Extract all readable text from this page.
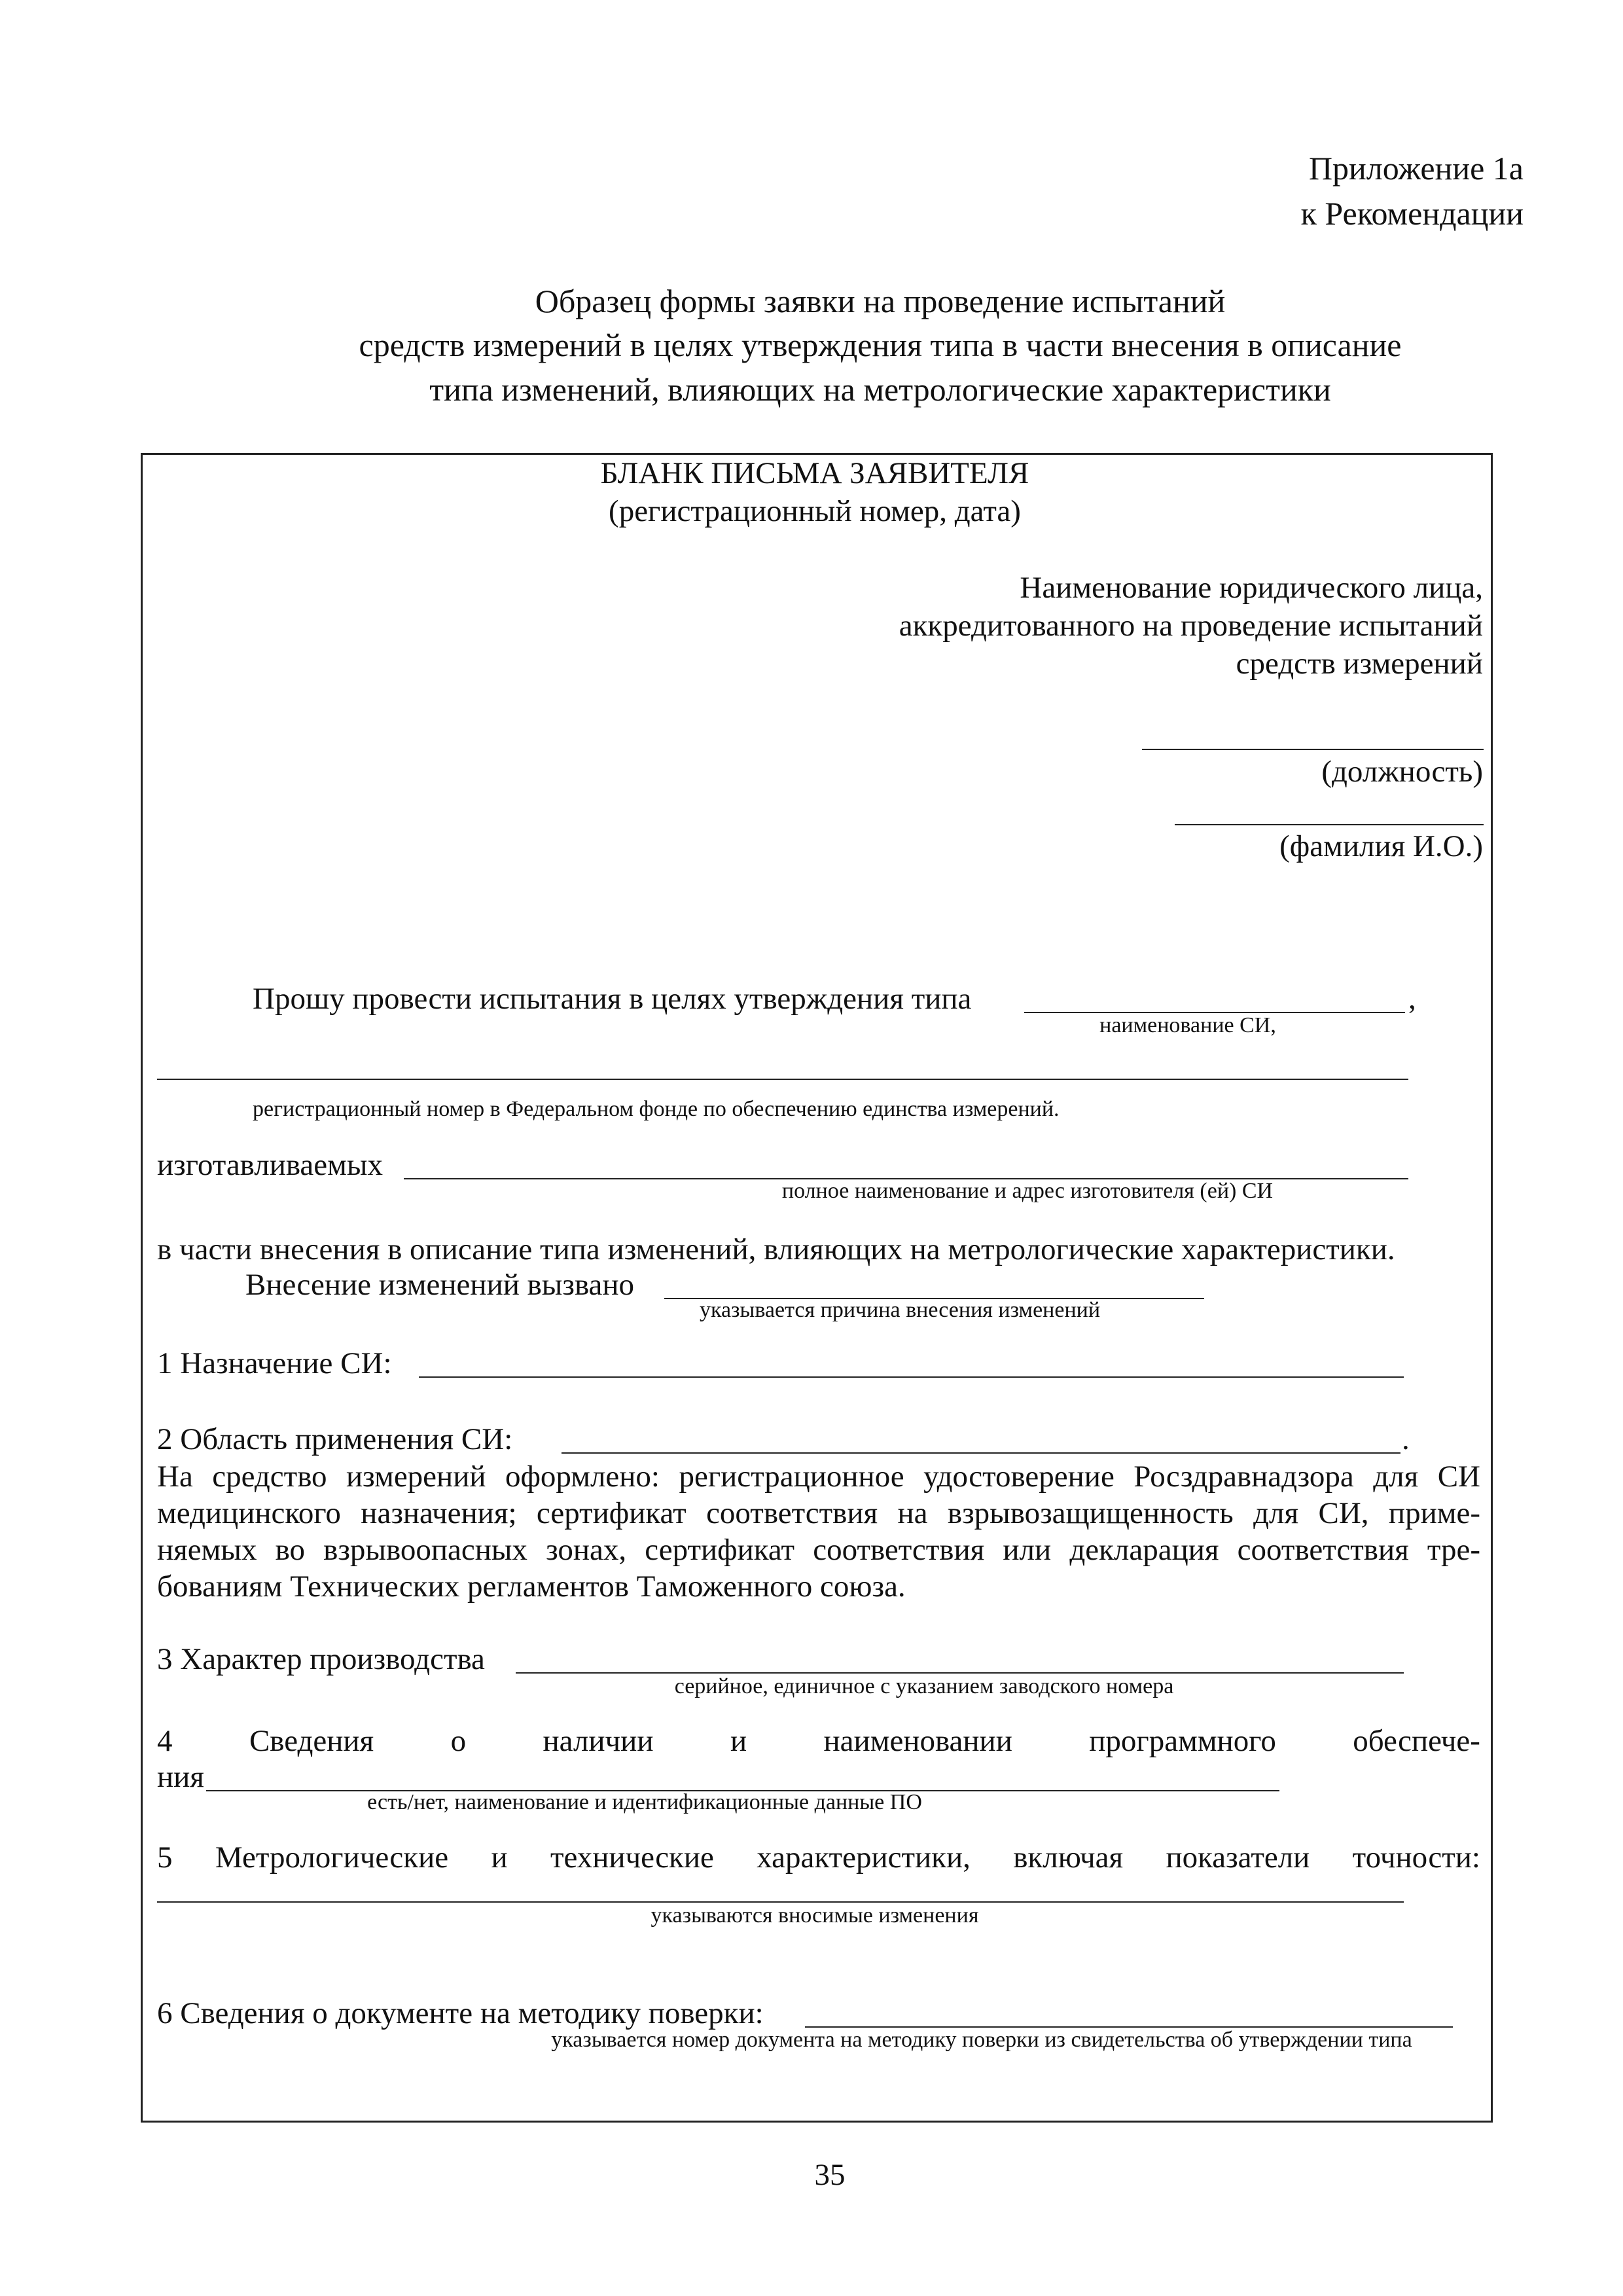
Приложение 1а
к Рекомендации
Образец формы заявки на проведение испытаний
средств измерений в целях утверждения типа в части внесения в описание
типа изменений, влияющих на метрологические характеристики
БЛАНК ПИСЬМА ЗАЯВИТЕЛЯ
(регистрационный номер, дата)
Наименование юридического лица,
аккредитованного на проведение испытаний
средств измерений
(должность)
(фамилия И.О.)
Прошу провести испытания в целях утверждения типа	,
наименование СИ,
регистрационный номер в Федеральном фонде по обеспечению единства измерений.
изготавливаемых
полное наименование и адрес изготовителя (ей) СИ
в части внесения в описание типа изменений, влияющих на метрологические характеристики.
Внесение изменений вызвано
указывается причина внесения изменений
1 Назначение СИ:
2 Область применения СИ:	.
На средство измерений оформлено: регистрационное удостоверение Росздравнадзора для СИ
медицинского назначения; сертификат соответствия на взрывозащищенность для СИ, приме-
няемых во взрывоопасных зонах, сертификат соответствия или декларация соответствия тре-
бованиям Технических регламентов Таможенного союза.
3 Характер производства
серийное, единичное с указанием заводского номера
4 Сведения о наличии и наименовании программного обеспече-
ния
есть/нет, наименование и идентификационные данные ПО
5 Метрологические и технические характеристики, включая показатели точности:
указываются вносимые изменения
6 Сведения о документе на методику поверки:
указывается номер документа на методику поверки из свидетельства об утверждении типа
35
